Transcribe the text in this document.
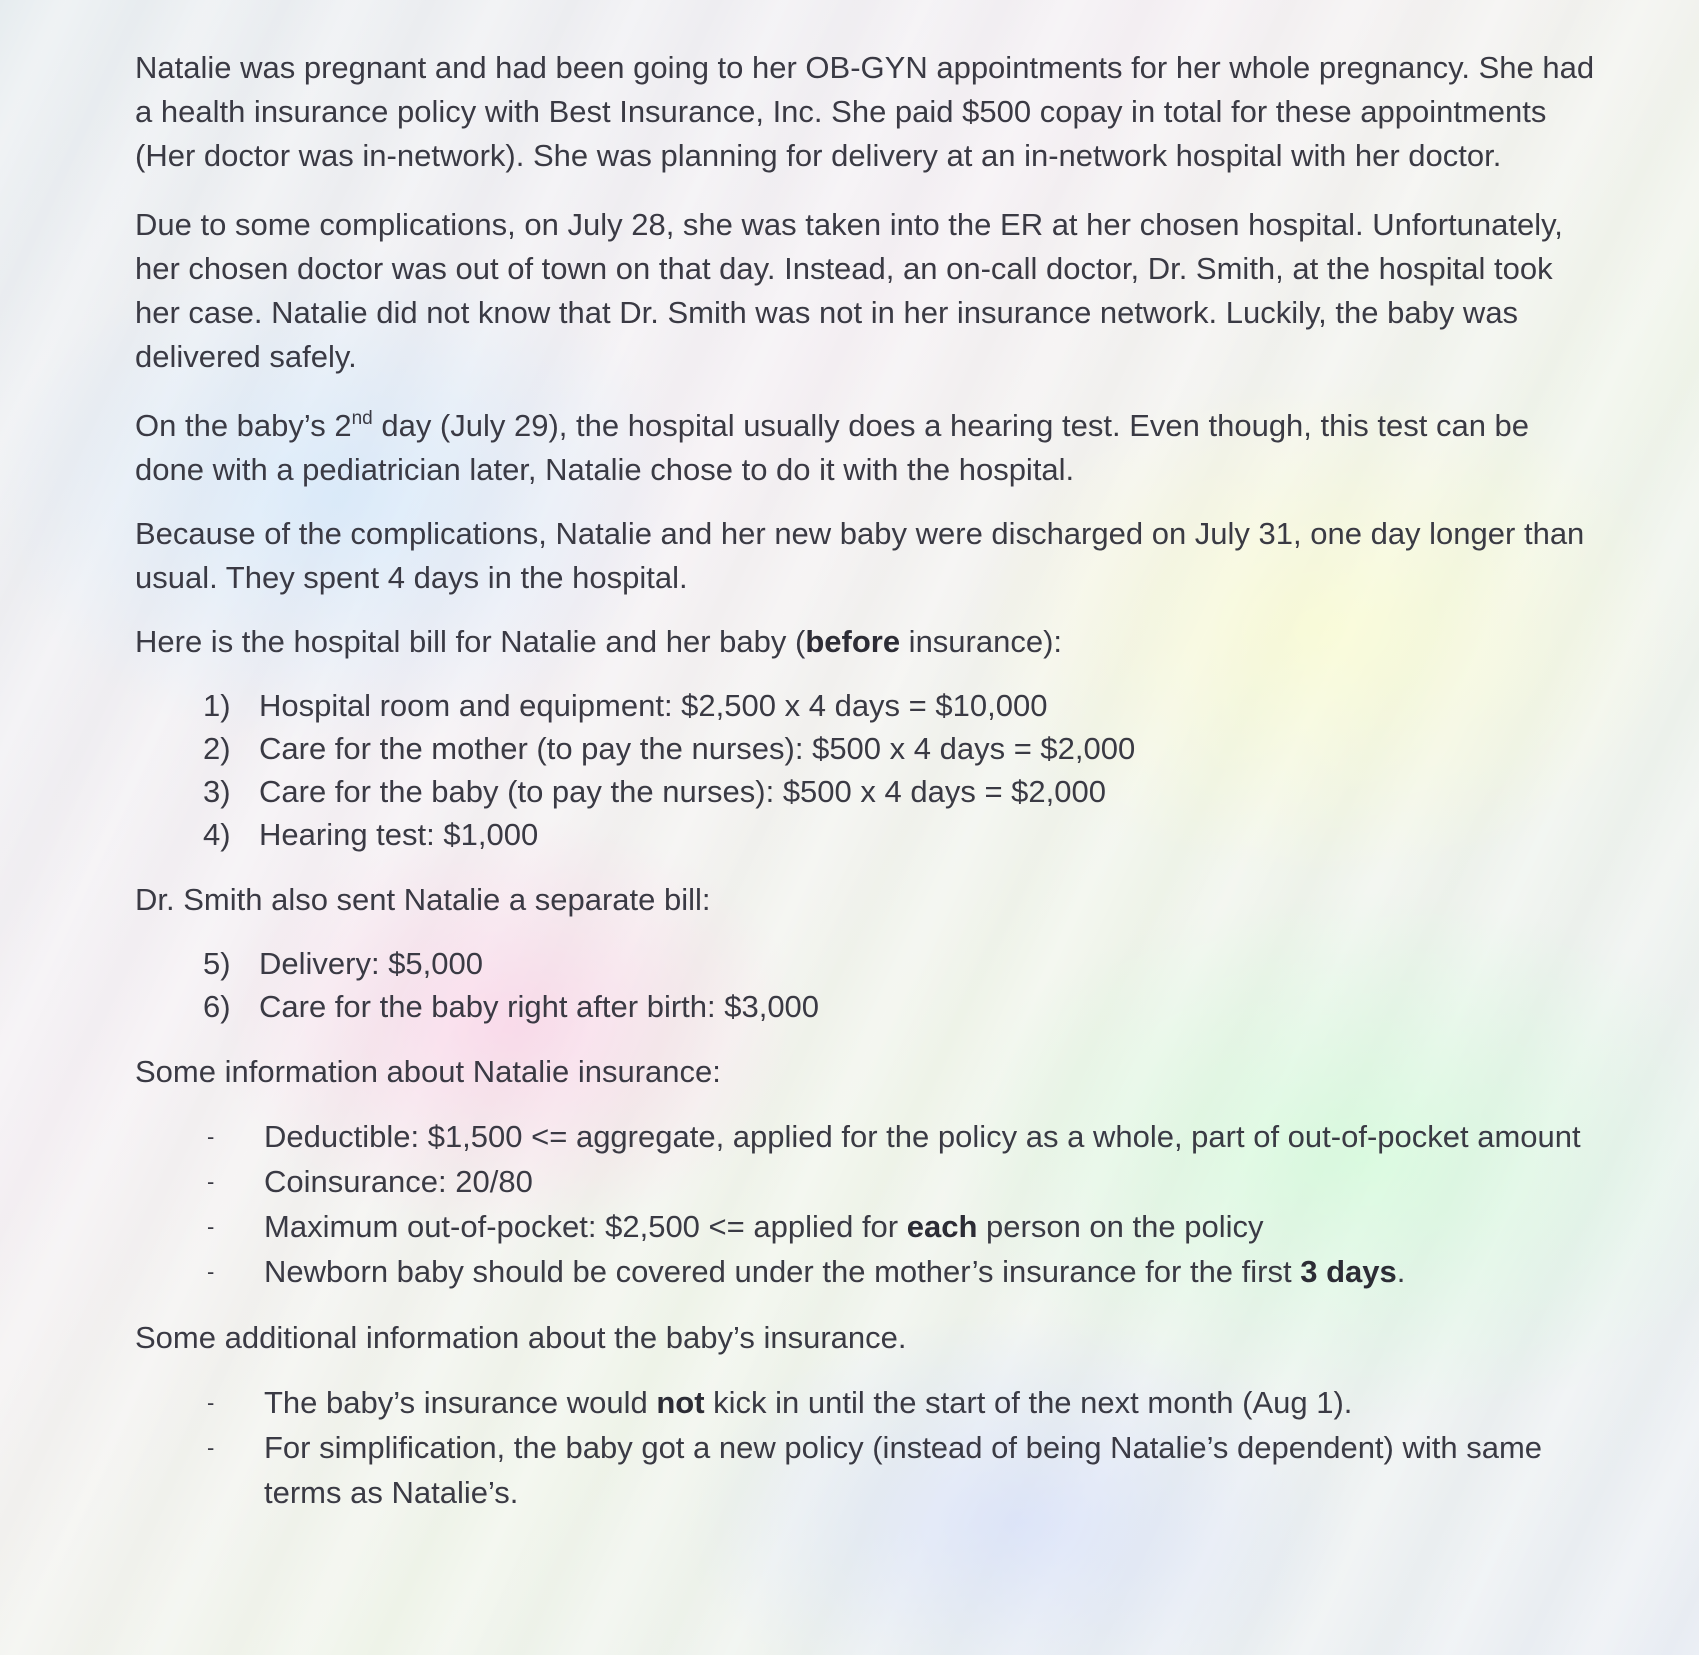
Natalie was pregnant and had been going to her OB-GYN appointments for her whole pregnancy. She had a health insurance policy with Best Insurance, Inc. She paid $500 copay in total for these appointments (Her doctor was in-network). She was planning for delivery at an in-network hospital with her doctor.

Due to some complications, on July 28, she was taken into the ER at her chosen hospital. Unfortunately, her chosen doctor was out of town on that day. Instead, an on-call doctor, Dr. Smith, at the hospital took her case. Natalie did not know that Dr. Smith was not in her insurance network. Luckily, the baby was delivered safely.

On the baby’s 2nd day (July 29), the hospital usually does a hearing test. Even though, this test can be done with a pediatrician later, Natalie chose to do it with the hospital.

Because of the complications, Natalie and her new baby were discharged on July 31, one day longer than usual. They spent 4 days in the hospital.

Here is the hospital bill for Natalie and her baby (before insurance):

1) Hospital room and equipment: $2,500 x 4 days = $10,000
2) Care for the mother (to pay the nurses): $500 x 4 days = $2,000
3) Care for the baby (to pay the nurses): $500 x 4 days = $2,000
4) Hearing test: $1,000

Dr. Smith also sent Natalie a separate bill:

5) Delivery: $5,000
6) Care for the baby right after birth: $3,000

Some information about Natalie insurance:

-	Deductible: $1,500 <= aggregate, applied for the policy as a whole, part of out-of-pocket amount
-	Coinsurance: 20/80
-	Maximum out-of-pocket: $2,500 <= applied for each person on the policy
-	Newborn baby should be covered under the mother’s insurance for the first 3 days.

Some additional information about the baby’s insurance.

-	The baby’s insurance would not kick in until the start of the next month (Aug 1).
-	For simplification, the baby got a new policy (instead of being Natalie’s dependent) with same terms as Natalie’s.
